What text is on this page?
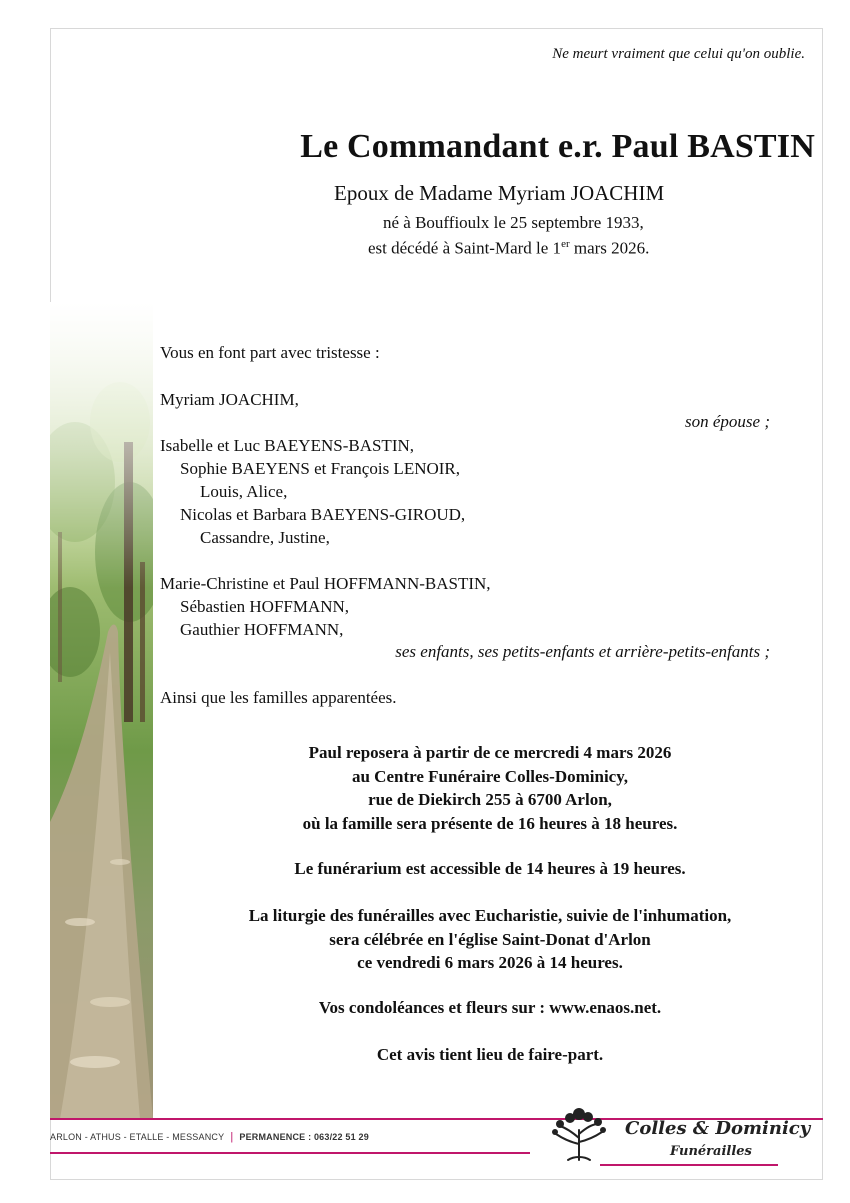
Ne meurt vraiment que celui qu'on oublie.
Le Commandant e.r. Paul BASTIN
Epoux de Madame Myriam JOACHIM
né à Bouffioulx le 25 septembre 1933,
est décédé à Saint-Mard le 1er mars 2026.
Vous en font part avec tristesse :
Myriam JOACHIM,
son épouse ;
Isabelle et Luc BAEYENS-BASTIN,
Sophie BAEYENS et François LENOIR,
Louis, Alice,
Nicolas et Barbara BAEYENS-GIROUD,
Cassandre, Justine,
Marie-Christine et Paul HOFFMANN-BASTIN,
Sébastien HOFFMANN,
Gauthier HOFFMANN,
ses enfants, ses petits-enfants et arrière-petits-enfants ;
Ainsi que les familles apparentées.
Paul reposera à partir de ce mercredi 4 mars 2026
au Centre Funéraire Colles-Dominicy,
rue de Diekirch 255 à 6700 Arlon,
où la famille sera présente de 16 heures à 18 heures.
Le funérarium est accessible de 14 heures à 19 heures.
La liturgie des funérailles avec Eucharistie, suivie de l'inhumation,
sera célébrée en l'église Saint-Donat d'Arlon
ce vendredi 6 mars 2026 à 14 heures.
Vos condoléances et fleurs sur : www.enaos.net.
Cet avis tient lieu de faire-part.
ARLON - ATHUS - ETALLE - MESSANCY | PERMANENCE : 063/22 51 29	Colles & Dominicy
Funérailles
